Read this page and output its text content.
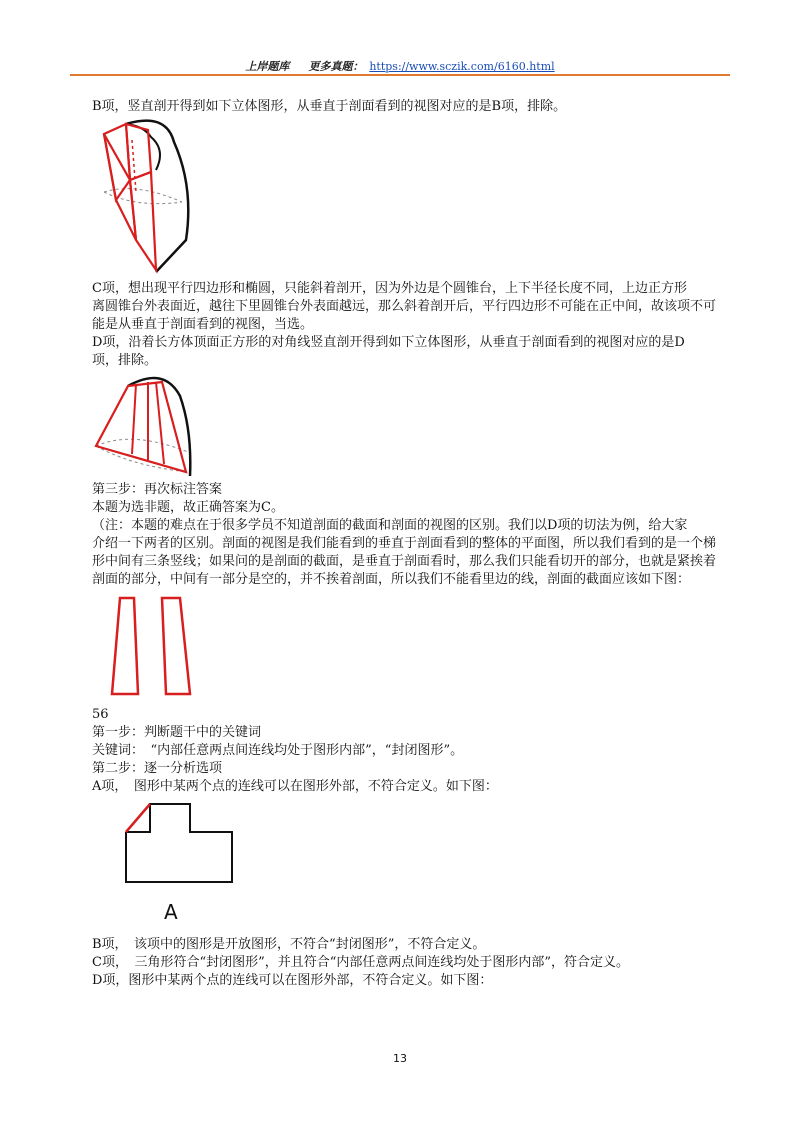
上岸题库 更多真题： https://www.sczik.com/6160.html
B项，竖直剖开得到如下立体图形，从垂直于剖面看到的视图对应的是B项，排除。
C项，想出现平行四边形和椭圆，只能斜着剖开，因为外边是个圆锥台，上下半径长度不同，上边正方形
离圆锥台外表面近，越往下里圆锥台外表面越远，那么斜着剖开后，平行四边形不可能在正中间，故该项不可
能是从垂直于剖面看到的视图，当选。
D项，沿着长方体顶面正方形的对角线竖直剖开得到如下立体图形，从垂直于剖面看到的视图对应的是D
项，排除。
第三步：再次标注答案
本题为选非题，故正确答案为C。
（注：本题的难点在于很多学员不知道剖面的截面和剖面的视图的区别。我们以D项的切法为例，给大家
介绍一下两者的区别。剖面的视图是我们能看到的垂直于剖面看到的整体的平面图，所以我们看到的是一个梯
形中间有三条竖线；如果问的是剖面的截面，是垂直于剖面看时，那么我们只能看切开的部分，也就是紧挨着
剖面的部分，中间有一部分是空的，并不挨着剖面，所以我们不能看里边的线，剖面的截面应该如下图：
56
第一步：判断题干中的关键词
关键词：　“内部任意两点间连线均处于图形内部”，“封闭图形”。
第二步：逐一分析选项
A项，　图形中某两个点的连线可以在图形外部，不符合定义。如下图：
A
B项，　该项中的图形是开放图形，不符合“封闭图形”，不符合定义。
C项，　三角形符合“封闭图形”，并且符合“内部任意两点间连线均处于图形内部”，符合定义。
D项，图形中某两个点的连线可以在图形外部，不符合定义。如下图：
13
